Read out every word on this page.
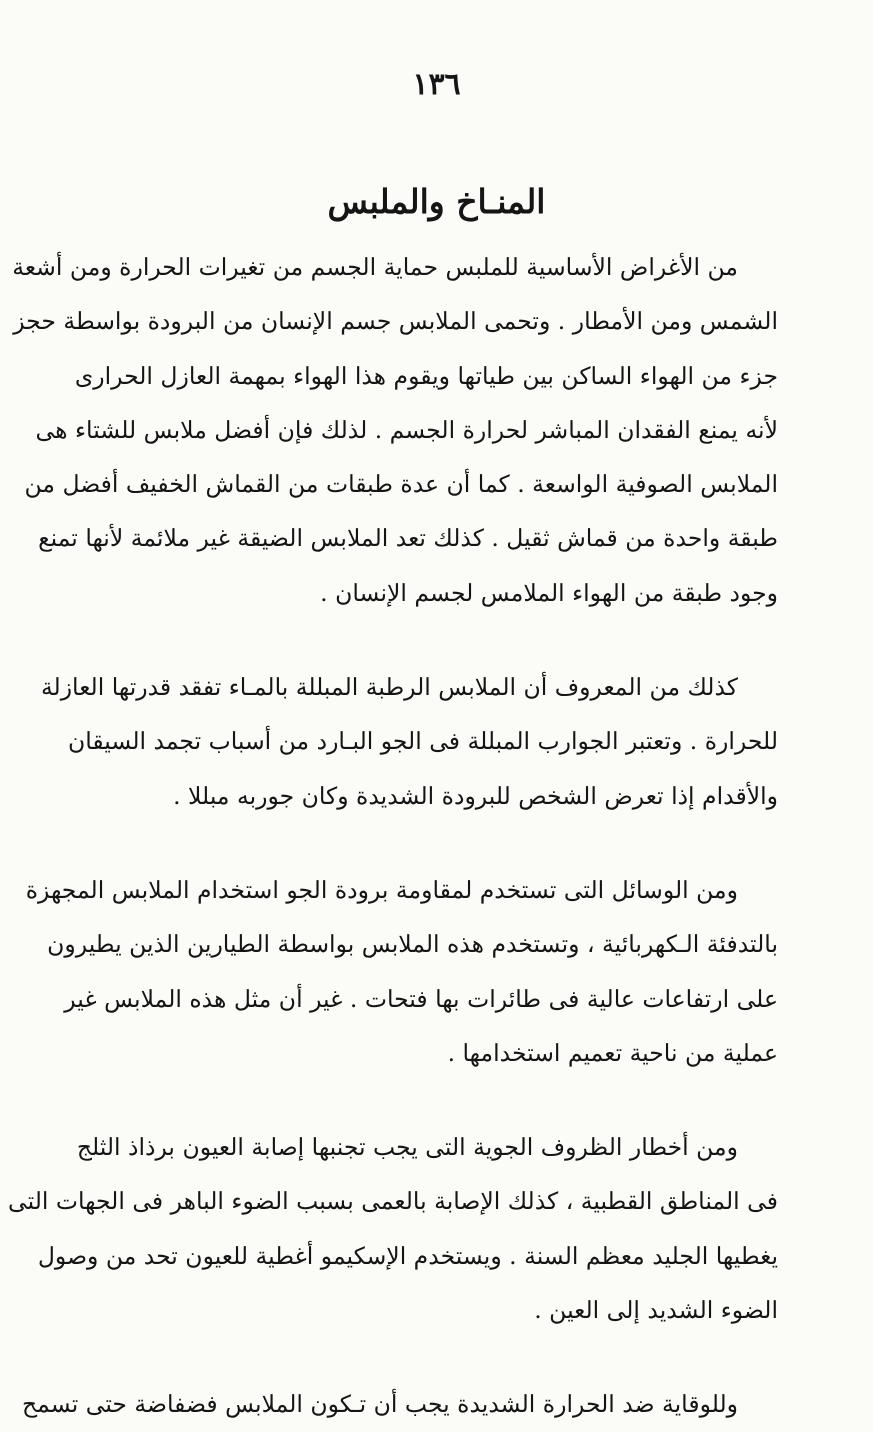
١٣٦
المنـاخ والملبس

من الأغراض الأساسية للملبس حماية الجسم من تغيرات الحرارة ومن أشعة
الشمس ومن الأمطار . وتحمى الملابس جسم الإنسان من البرودة بواسطة حجز
جزء من الهواء الساكن بين طياتها ويقوم هذا الهواء بمهمة العازل الحرارى
لأنه يمنع الفقدان المباشر لحرارة الجسم . لذلك فإن أفضل ملابس للشتاء هى
الملابس الصوفية الواسعة . كما أن عدة طبقات من القماش الخفيف أفضل من
طبقة واحدة من قماش ثقيل . كذلك تعد الملابس الضيقة غير ملائمة لأنها تمنع
وجود طبقة من الهواء الملامس لجسم الإنسان .

كذلك من المعروف أن الملابس الرطبة المبللة بالمـاء تفقد قدرتها العازلة
للحرارة . وتعتبر الجوارب المبللة فى الجو البـارد من أسباب تجمد السيقان
والأقدام إذا تعرض الشخص للبرودة الشديدة وكان جوربه مبللا .

ومن الوسائل التى تستخدم لمقاومة برودة الجو استخدام الملابس المجهزة
بالتدفئة الـكهربائية ، وتستخدم هذه الملابس بواسطة الطيارين الذين يطيرون
على ارتفاعات عالية فى طائرات بها فتحات . غير أن مثل هذه الملابس غير
عملية من ناحية تعميم استخدامها .

ومن أخطار الظروف الجوية التى يجب تجنبها إصابة العيون برذاذ الثلج
فى المناطق القطبية ، كذلك الإصابة بالعمى بسبب الضوء الباهر فى الجهات التى
يغطيها الجليد معظم السنة . ويستخدم الإسكيمو أغطية للعيون تحد من وصول
الضوء الشديد إلى العين .

وللوقاية ضد الحرارة الشديدة يجب أن تـكون الملابس فضفاضة حتى تسمح
